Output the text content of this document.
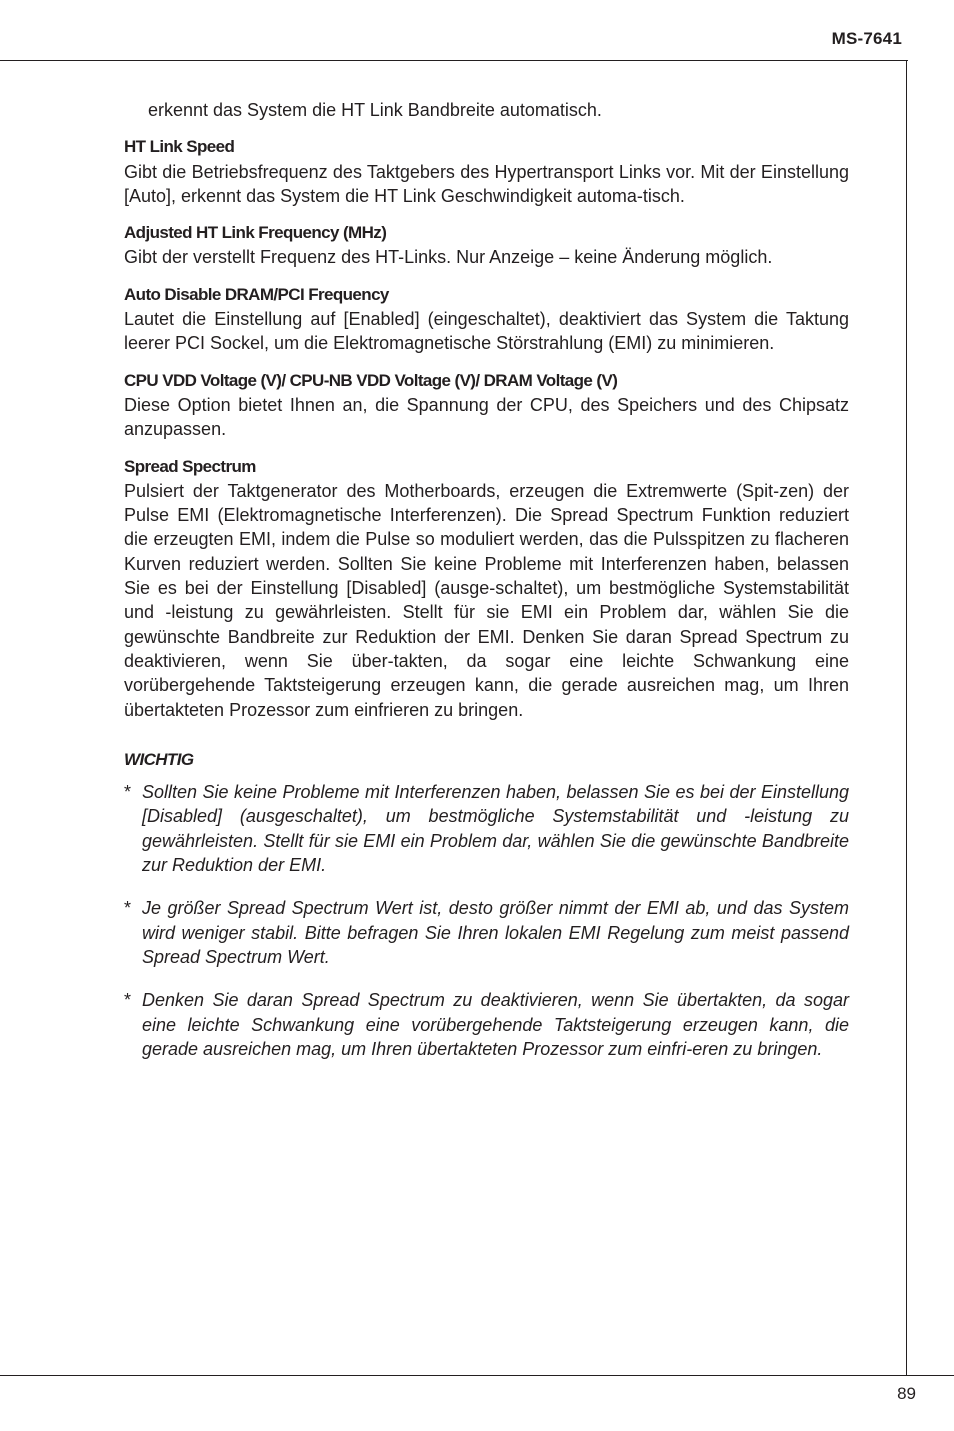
MS-7641

erkennt das System die HT Link Bandbreite automatisch.

HT Link Speed

Gibt die Betriebsfrequenz des Taktgebers des Hypertransport Links vor. Mit der Einstellung [Auto], erkennt das System die HT Link Geschwindigkeit automa-tisch.

Adjusted HT Link Frequency (MHz)

Gibt der verstellt Frequenz des HT-Links. Nur Anzeige – keine Änderung möglich.

Auto Disable DRAM/PCI Frequency

Lautet die Einstellung auf [Enabled] (eingeschaltet), deaktiviert das System die Taktung leerer PCI Sockel, um die Elektromagnetische Störstrahlung (EMI) zu minimieren.

CPU VDD Voltage (V)/ CPU-NB VDD Voltage (V)/ DRAM Voltage (V)

Diese Option bietet Ihnen an, die Spannung der CPU, des Speichers und des Chipsatz anzupassen.

Spread Spectrum

Pulsiert der Taktgenerator des Motherboards, erzeugen die Extremwerte (Spit-zen) der Pulse EMI (Elektromagnetische Interferenzen). Die Spread Spectrum Funktion reduziert die erzeugten EMI, indem die Pulse so moduliert werden, das die Pulsspitzen zu flacheren Kurven reduziert werden. Sollten Sie keine Probleme mit Interferenzen haben, belassen Sie es bei der Einstellung [Disabled] (ausge-schaltet), um bestmögliche Systemstabilität und -leistung zu gewährleisten. Stellt für sie EMI ein Problem dar, wählen Sie die gewünschte Bandbreite zur Reduktion der EMI. Denken Sie daran Spread Spectrum zu deaktivieren, wenn Sie über-takten, da sogar eine leichte Schwankung eine vorübergehende Taktsteigerung erzeugen kann, die gerade ausreichen mag, um Ihren übertakteten Prozessor zum einfrieren zu bringen.

WICHTIG
* Sollten Sie keine Probleme mit Interferenzen haben, belassen Sie es bei der Einstellung [Disabled] (ausgeschaltet), um bestmögliche Systemstabilität und -leistung zu gewährleisten. Stellt für sie EMI ein Problem dar, wählen Sie die gewünschte Bandbreite zur Reduktion der EMI.
* Je größer Spread Spectrum Wert ist, desto größer nimmt der EMI ab, und das System wird weniger stabil. Bitte befragen Sie Ihren lokalen EMI Regelung zum meist passend Spread Spectrum Wert.
* Denken Sie daran Spread Spectrum zu deaktivieren, wenn Sie übertakten, da sogar eine leichte Schwankung eine vorübergehende Taktsteigerung erzeugen kann, die gerade ausreichen mag, um Ihren übertakteten Prozessor zum einfri-eren zu bringen.
89
